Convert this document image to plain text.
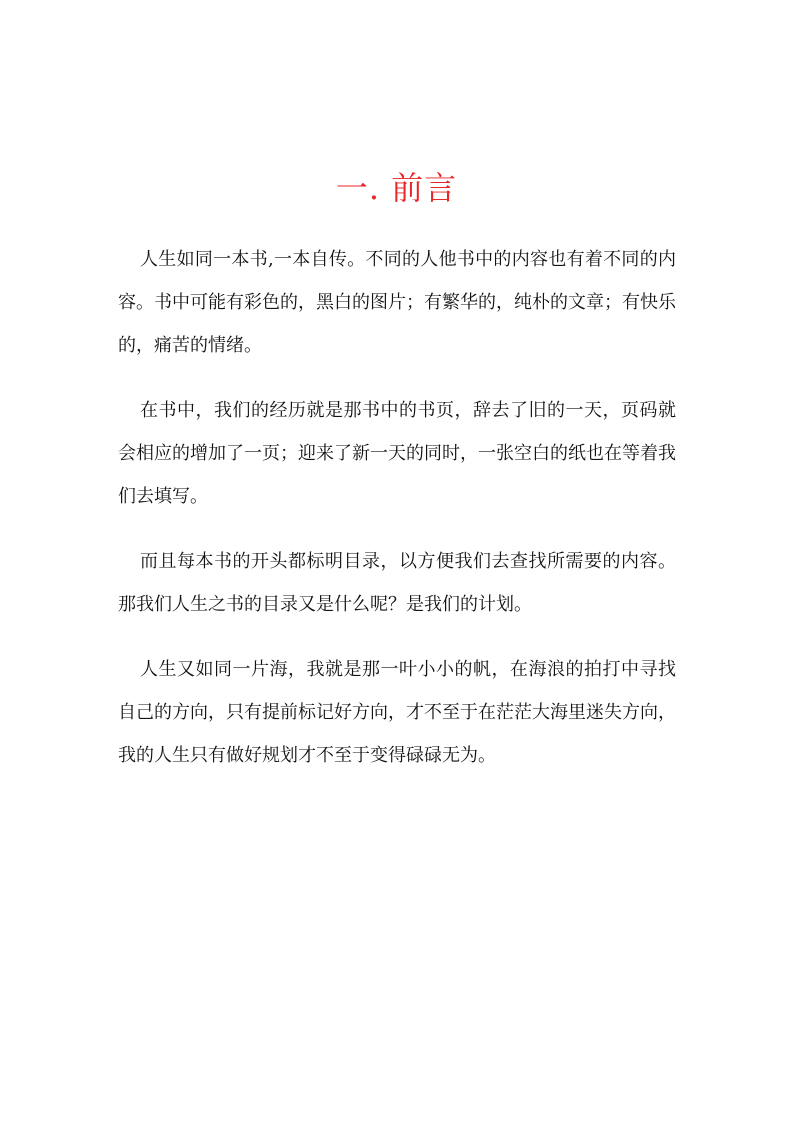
一. 前言

人生如同一本书,一本自传。不同的人他书中的内容也有着不同的内容。书中可能有彩色的，黑白的图片；有繁华的，纯朴的文章；有快乐的，痛苦的情绪。

在书中，我们的经历就是那书中的书页，辞去了旧的一天，页码就会相应的增加了一页；迎来了新一天的同时，一张空白的纸也在等着我们去填写。

而且每本书的开头都标明目录，以方便我们去查找所需要的内容。那我们人生之书的目录又是什么呢？是我们的计划。

人生又如同一片海，我就是那一叶小小的帆，在海浪的拍打中寻找自己的方向，只有提前标记好方向，才不至于在茫茫大海里迷失方向，我的人生只有做好规划才不至于变得碌碌无为。
